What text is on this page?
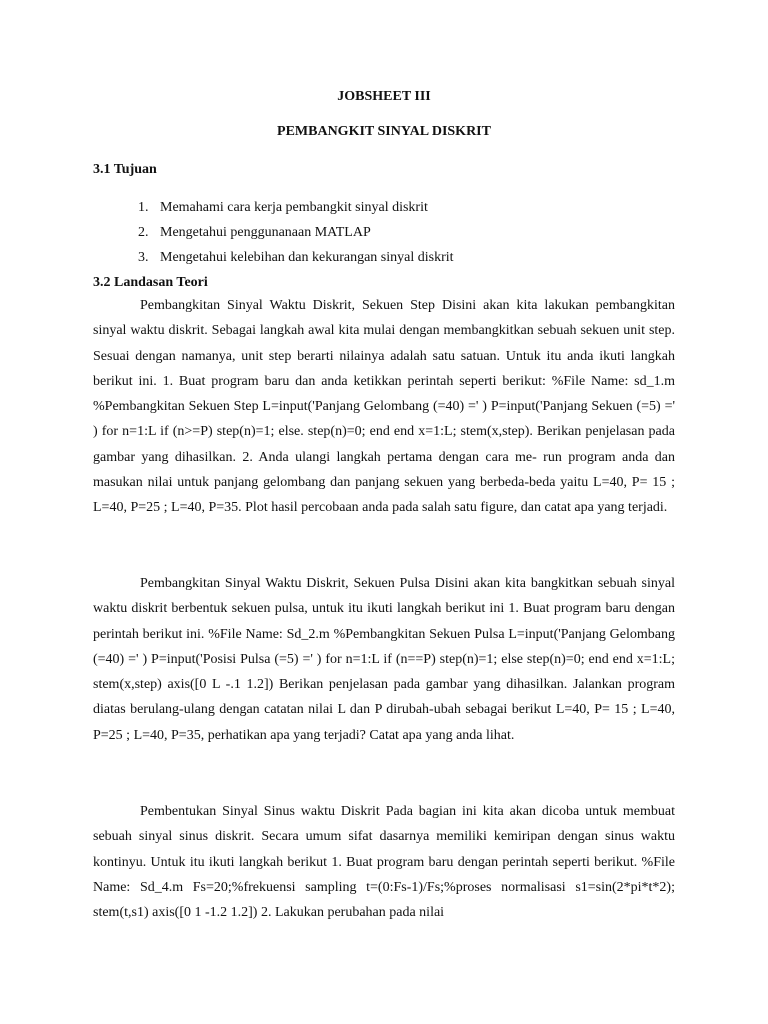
JOBSHEET III
PEMBANGKIT SINYAL DISKRIT
3.1 Tujuan
1. Memahami cara kerja pembangkit sinyal diskrit
2. Mengetahui penggunanaan MATLAP
3. Mengetahui kelebihan dan kekurangan sinyal diskrit
3.2 Landasan Teori

Pembangkitan Sinyal Waktu Diskrit, Sekuen Step Disini akan kita lakukan pembangkitan sinyal waktu diskrit. Sebagai langkah awal kita mulai dengan membangkitkan sebuah sekuen unit step. Sesuai dengan namanya, unit step berarti nilainya adalah satu satuan. Untuk itu anda ikuti langkah berikut ini. 1. Buat program baru dan anda ketikkan perintah seperti berikut: %File Name: sd_1.m %Pembangkitan Sekuen Step L=input('Panjang Gelombang (=40) =' ) P=input('Panjang Sekuen (=5) =' ) for n=1:L if (n>=P) step(n)=1; else. step(n)=0; end end x=1:L; stem(x,step). Berikan penjelasan pada gambar yang dihasilkan. 2. Anda ulangi langkah pertama dengan cara me- run program anda dan masukan nilai untuk panjang gelombang dan panjang sekuen yang berbeda-beda yaitu L=40, P= 15 ; L=40, P=25 ; L=40, P=35. Plot hasil percobaan anda pada salah satu figure, dan catat apa yang terjadi.

Pembangkitan Sinyal Waktu Diskrit, Sekuen Pulsa Disini akan kita bangkitkan sebuah sinyal waktu diskrit berbentuk sekuen pulsa, untuk itu ikuti langkah berikut ini 1. Buat program baru dengan perintah berikut ini. %File Name: Sd_2.m %Pembangkitan Sekuen Pulsa L=input('Panjang Gelombang (=40) =' ) P=input('Posisi Pulsa (=5) =' ) for n=1:L if (n==P) step(n)=1; else step(n)=0; end end x=1:L; stem(x,step) axis([0 L -.1 1.2]) Berikan penjelasan pada gambar yang dihasilkan. Jalankan program diatas berulang-ulang dengan catatan nilai L dan P dirubah-ubah sebagai berikut L=40, P= 15 ; L=40, P=25 ; L=40, P=35, perhatikan apa yang terjadi? Catat apa yang anda lihat.

Pembentukan Sinyal Sinus waktu Diskrit Pada bagian ini kita akan dicoba untuk membuat sebuah sinyal sinus diskrit. Secara umum sifat dasarnya memiliki kemiripan dengan sinus waktu kontinyu. Untuk itu ikuti langkah berikut 1. Buat program baru dengan perintah seperti berikut. %File Name: Sd_4.m Fs=20;%frekuensi sampling t=(0:Fs-1)/Fs;%proses normalisasi s1=sin(2*pi*t*2); stem(t,s1) axis([0 1 -1.2 1.2]) 2. Lakukan perubahan pada nilai
